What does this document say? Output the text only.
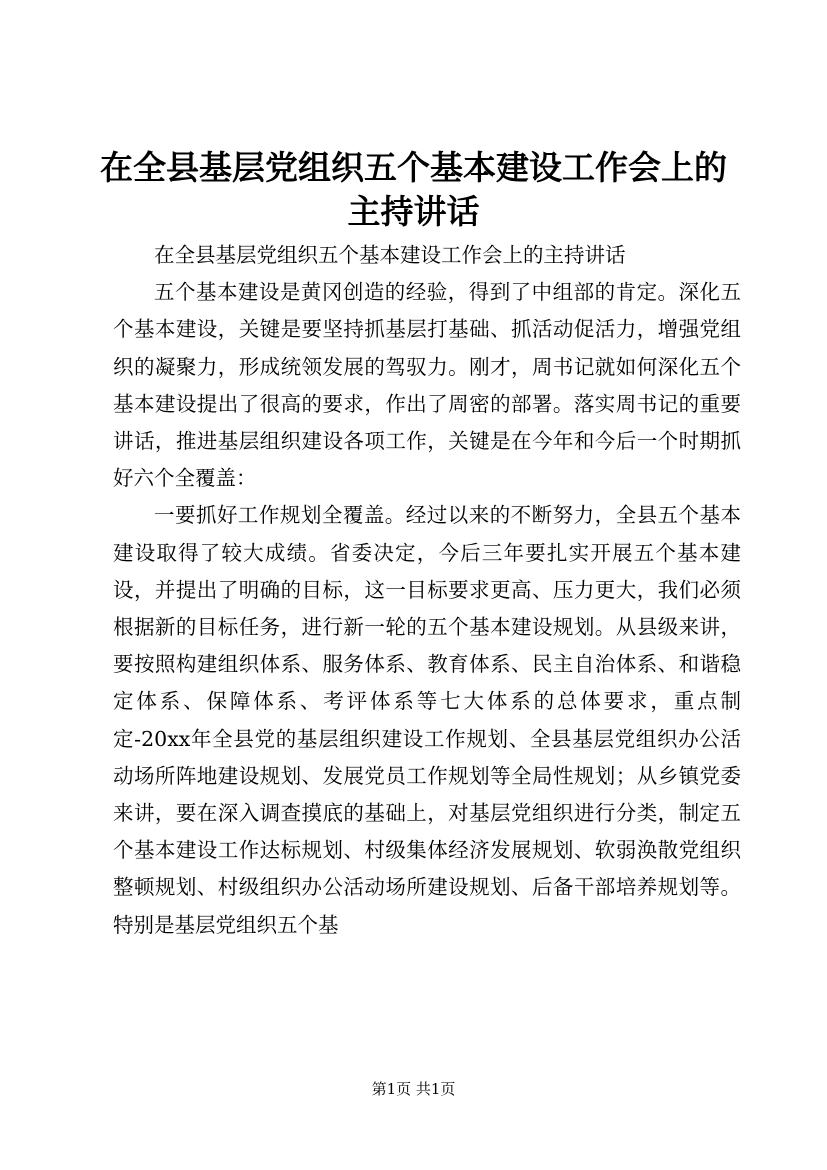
在全县基层党组织五个基本建设工作会上的主持讲话

在全县基层党组织五个基本建设工作会上的主持讲话

五个基本建设是黄冈创造的经验，得到了中组部的肯定。深化五个基本建设，关键是要坚持抓基层打基础、抓活动促活力，增强党组织的凝聚力，形成统领发展的驾驭力。刚才，周书记就如何深化五个基本建设提出了很高的要求，作出了周密的部署。落实周书记的重要讲话，推进基层组织建设各项工作，关键是在今年和今后一个时期抓好六个全覆盖：

一要抓好工作规划全覆盖。经过以来的不断努力，全县五个基本建设取得了较大成绩。省委决定，今后三年要扎实开展五个基本建设，并提出了明确的目标，这一目标要求更高、压力更大，我们必须根据新的目标任务，进行新一轮的五个基本建设规划。从县级来讲，要按照构建组织体系、服务体系、教育体系、民主自治体系、和谐稳定体系、保障体系、考评体系等七大体系的总体要求，重点制定-20xx年全县党的基层组织建设工作规划、全县基层党组织办公活动场所阵地建设规划、发展党员工作规划等全局性规划；从乡镇党委来讲，要在深入调查摸底的基础上，对基层党组织进行分类，制定五个基本建设工作达标规划、村级集体经济发展规划、软弱涣散党组织整顿规划、村级组织办公活动场所建设规划、后备干部培养规划等。特别是基层党组织五个基

第1页 共1页
